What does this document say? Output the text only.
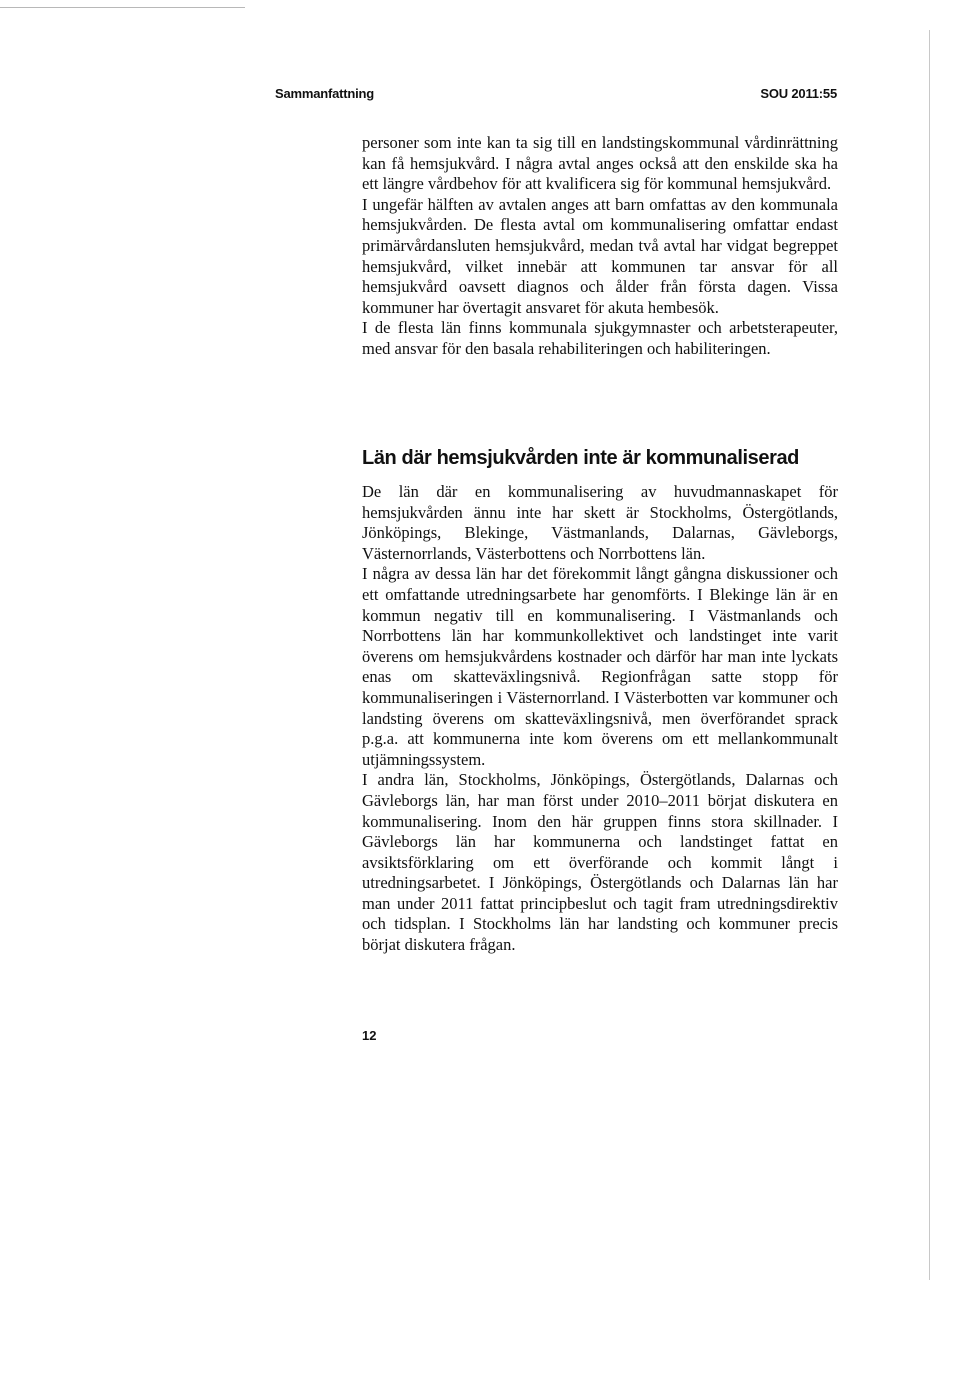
Sammanfattning	SOU 2011:55

personer som inte kan ta sig till en landstingskommunal vårdinrättning kan få hemsjukvård. I några avtal anges också att den enskilde ska ha ett längre vårdbehov för att kvalificera sig för kommunal hemsjukvård.

I ungefär hälften av avtalen anges att barn omfattas av den kommunala hemsjukvården. De flesta avtal om kommunalisering omfattar endast primärvårdansluten hemsjukvård, medan två avtal har vidgat begreppet hemsjukvård, vilket innebär att kommunen tar ansvar för all hemsjukvård oavsett diagnos och ålder från första dagen. Vissa kommuner har övertagit ansvaret för akuta hembesök.

I de flesta län finns kommunala sjukgymnaster och arbetsterapeuter, med ansvar för den basala rehabiliteringen och habiliteringen.

Län där hemsjukvården inte är kommunaliserad

De län där en kommunalisering av huvudmannaskapet för hemsjukvården ännu inte har skett är Stockholms, Östergötlands, Jönköpings, Blekinge, Västmanlands, Dalarnas, Gävleborgs, Västernorrlands, Västerbottens och Norrbottens län.

I några av dessa län har det förekommit långt gångna diskussioner och ett omfattande utredningsarbete har genomförts. I Blekinge län är en kommun negativ till en kommunalisering. I Västmanlands och Norrbottens län har kommunkollektivet och landstinget inte varit överens om hemsjukvårdens kostnader och därför har man inte lyckats enas om skatteväxlingsnivå. Regionfrågan satte stopp för kommunaliseringen i Västernorrland. I Västerbotten var kommuner och landsting överens om skatteväxlingsnivå, men överförandet sprack p.g.a. att kommunerna inte kom överens om ett mellankommunalt utjämningssystem.

I andra län, Stockholms, Jönköpings, Östergötlands, Dalarnas och Gävleborgs län, har man först under 2010–2011 börjat diskutera en kommunalisering. Inom den här gruppen finns stora skillnader. I Gävleborgs län har kommunerna och landstinget fattat en avsiktsförklaring om ett överförande och kommit långt i utredningsarbetet. I Jönköpings, Östergötlands och Dalarnas län har man under 2011 fattat principbeslut och tagit fram utredningsdirektiv och tidsplan. I Stockholms län har landsting och kommuner precis börjat diskutera frågan.

12
